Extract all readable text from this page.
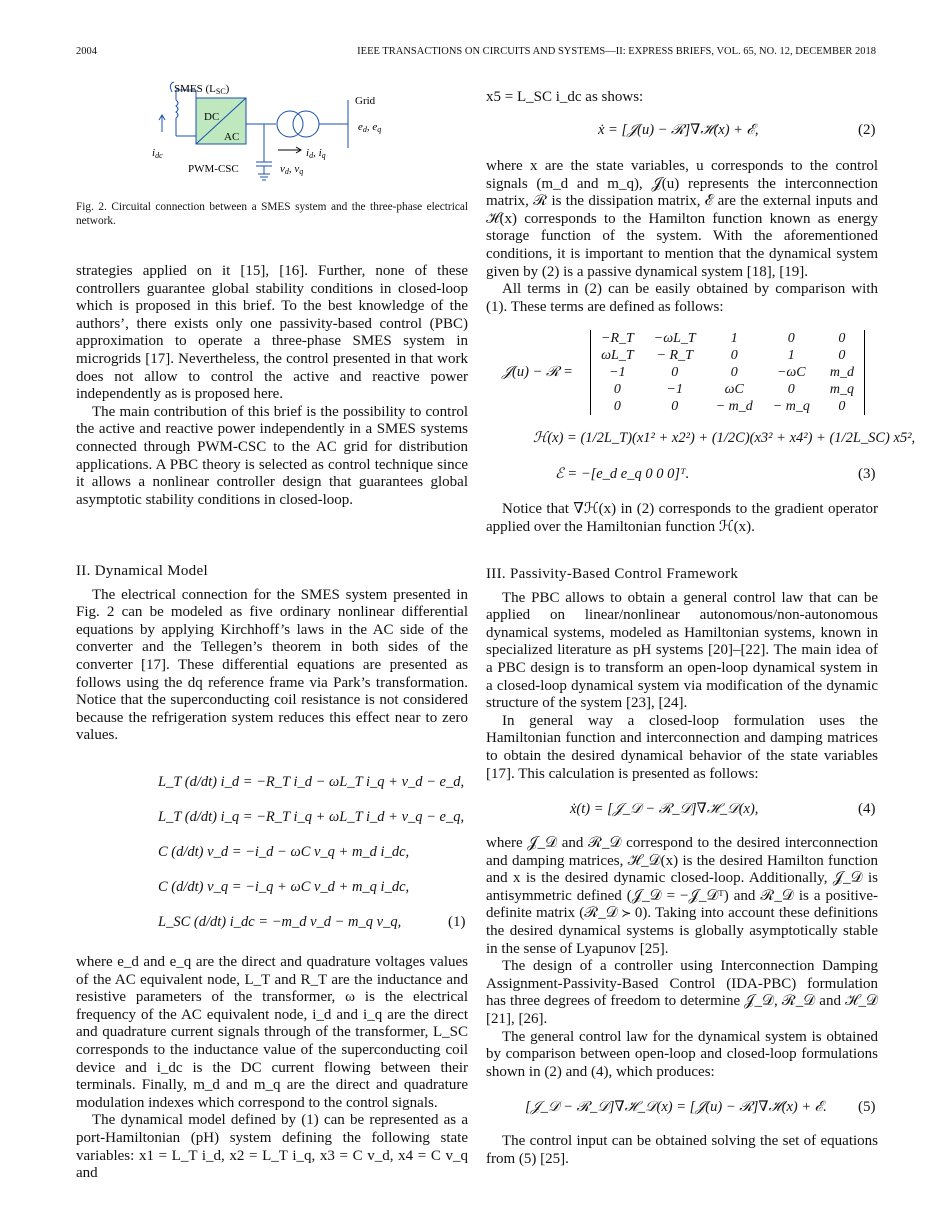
2004	IEEE TRANSACTIONS ON CIRCUITS AND SYSTEMS—II: EXPRESS BRIEFS, VOL. 65, NO. 12, DECEMBER 2018
SMES (LSC)
DC
AC
Grid
ed, eq
idc
PWM-CSC	vd, vq
id, iq
Fig. 2. Circuital connection between a SMES system and the three-phase electrical network.

strategies applied on it [15], [16]. Further, none of these controllers guarantee global stability conditions in closed-loop which is proposed in this brief. To the best knowledge of the authors’, there exists only one passivity-based control (PBC) approximation to operate a three-phase SMES system in microgrids [17]. Nevertheless, the control presented in that work does not allow to control the active and reactive power independently as is proposed here.

The main contribution of this brief is the possibility to control the active and reactive power independently in a SMES systems connected through PWM-CSC to the AC grid for distribution applications. A PBC theory is selected as control technique since it allows a nonlinear controller design that guarantees global asymptotic stability conditions in closed-loop.

II. Dynamical Model

The electrical connection for the SMES system presented in Fig. 2 can be modeled as five ordinary nonlinear differential equations by applying Kirchhoff’s laws in the AC side of the converter and the Tellegen’s theorem in both sides of the converter [17]. These differential equations are presented as follows using the dq reference frame via Park’s transformation. Notice that the superconducting coil resistance is not considered because the refrigeration system reduces this effect near to zero values.

L_T (d/dt) i_d = −R_T i_d − ωL_T i_q + v_d − e_d,
L_T (d/dt) i_q = −R_T i_q + ωL_T i_d + v_q − e_q,
C (d/dt) v_d = −i_d − ωC v_q + m_d i_dc,
C (d/dt) v_q = −i_q + ωC v_d + m_q i_dc,
L_SC (d/dt) i_dc = −m_d v_d − m_q v_q,	(1)

where e_d and e_q are the direct and quadrature voltages values of the AC equivalent node, L_T and R_T are the inductance and resistive parameters of the transformer, ω is the electrical frequency of the AC equivalent node, i_d and i_q are the direct and quadrature current signals through of the transformer, L_SC corresponds to the inductance value of the superconducting coil device and i_dc is the DC current flowing between their terminals. Finally, m_d and m_q are the direct and quadrature modulation indexes which correspond to the control signals.

The dynamical model defined by (1) can be represented as a port-Hamiltonian (pH) system defining the following state variables: x1 = L_T i_d, x2 = L_T i_q, x3 = C v_d, x4 = C v_q and

x5 = L_SC i_dc as shows:

ẋ = [𝒥(u) − ℛ]∇ℋ(x) + ℰ,	(2)

where x are the state variables, u corresponds to the control signals (m_d and m_q), 𝒥(u) represents the interconnection matrix, ℛ is the dissipation matrix, ℰ are the external inputs and ℋ(x) corresponds to the Hamilton function known as energy storage function of the system. With the aforementioned conditions, it is important to mention that the dynamical system given by (2) is a passive dynamical system [18], [19].

All terms in (2) can be easily obtained by comparison with (1). These terms are defined as follows:

𝒥(u) − ℛ =
−R_T	−ωL_T	1	0	0
ωL_T	− R_T	0	1	0
−1	0	0	−ωC	m_d
0	−1	ωC	0	m_q
0	0	− m_d	− m_q	0
ℋ(x) = (1/2L_T)(x1² + x2²) + (1/2C)(x3² + x4²) + (1/2L_SC) x5²,
ℰ = −[e_d e_q 0 0 0]ᵀ.	(3)

Notice that ∇ℋ(x) in (2) corresponds to the gradient operator applied over the Hamiltonian function ℋ(x).

III. Passivity-Based Control Framework

The PBC allows to obtain a general control law that can be applied on linear/nonlinear autonomous/non-autonomous dynamical systems, modeled as Hamiltonian systems, known in specialized literature as pH systems [20]–[22]. The main idea of a PBC design is to transform an open-loop dynamical system in a closed-loop dynamical system via modification of the dynamic structure of the system [23], [24].

In general way a closed-loop formulation uses the Hamiltonian function and interconnection and damping matrices to obtain the desired dynamical behavior of the state variables [17]. This calculation is presented as follows:

ẋ(t) = [𝒥_𝒟 − ℛ_𝒟]∇ℋ_𝒟(x),	(4)

where 𝒥_𝒟 and ℛ_𝒟 correspond to the desired interconnection and damping matrices, ℋ_𝒟(x) is the desired Hamilton function and x is the desired dynamic closed-loop. Additionally, 𝒥_𝒟 is antisymmetric defined (𝒥_𝒟 = −𝒥_𝒟ᵀ) and ℛ_𝒟 is a positive-definite matrix (ℛ_𝒟 ≻ 0). Taking into account these definitions the desired dynamical systems is globally asymptotically stable in the sense of Lyapunov [25].

The design of a controller using Interconnection Damping Assignment-Passivity-Based Control (IDA-PBC) formulation has three degrees of freedom to determine 𝒥_𝒟, ℛ_𝒟 and ℋ_𝒟 [21], [26].

The general control law for the dynamical system is obtained by comparison between open-loop and closed-loop formulations shown in (2) and (4), which produces:

[𝒥_𝒟 − ℛ_𝒟]∇ℋ_𝒟(x) = [𝒥(u) − ℛ]∇ℋ(x) + ℰ. (5)

The control input can be obtained solving the set of equations from (5) [25].
